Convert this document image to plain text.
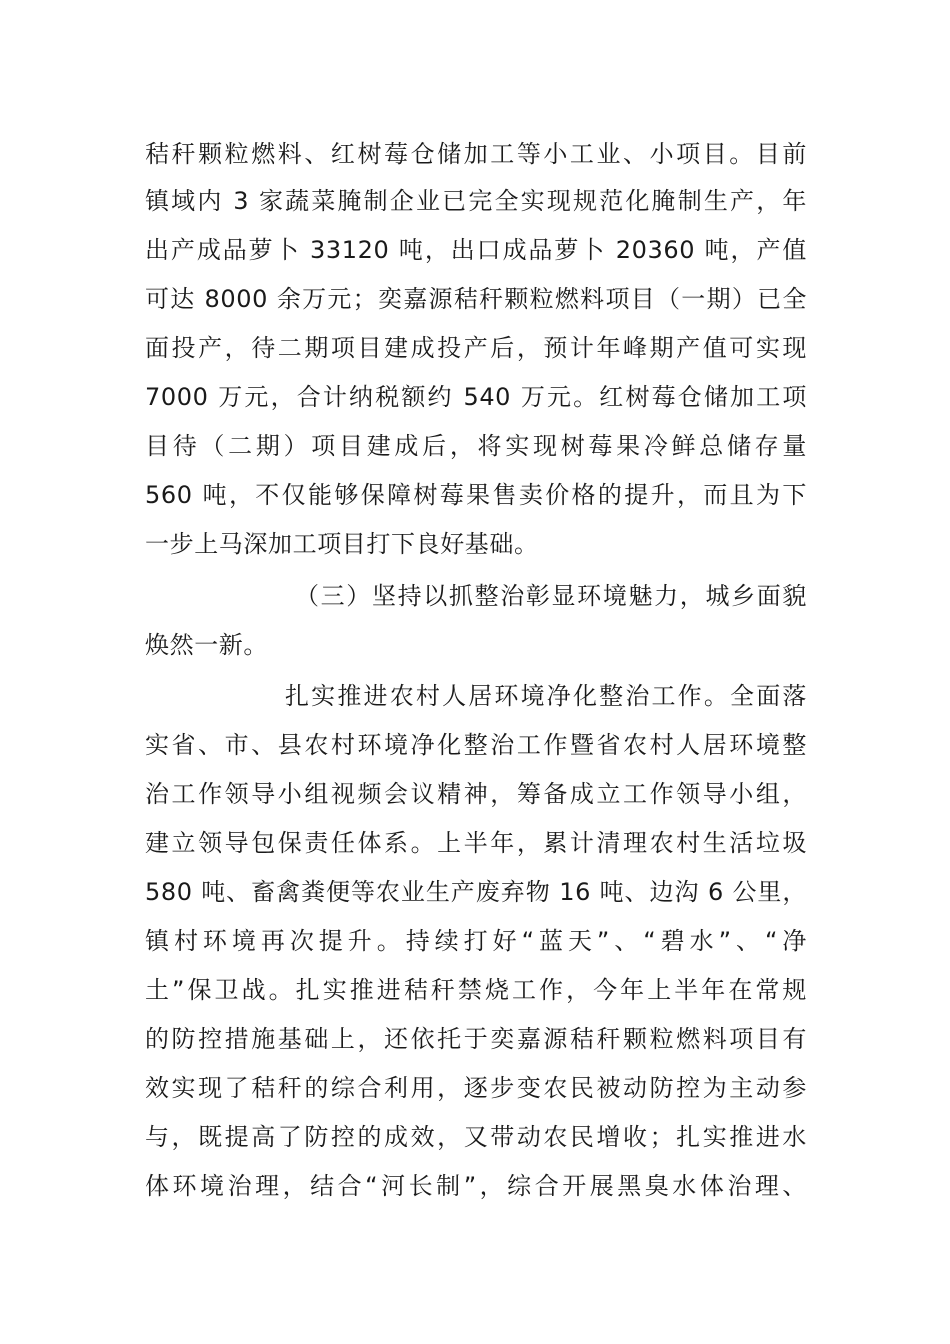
秸秆颗粒燃料、红树莓仓储加工等小工业、小项目。目前
镇域内 3 家蔬菜腌制企业已完全实现规范化腌制生产，年
出产成品萝卜 33120 吨，出口成品萝卜 20360 吨，产值
可达 8000 余万元；奕嘉源秸秆颗粒燃料项目（一期）已全
面投产，待二期项目建成投产后，预计年峰期产值可实现
7000 万元，合计纳税额约 540 万元。红树莓仓储加工项
目待（二期）项目建成后，将实现树莓果冷鲜总储存量
560 吨，不仅能够保障树莓果售卖价格的提升，而且为下
一步上马深加工项目打下良好基础。
（三）坚持以抓整治彰显环境魅力，城乡面貌
焕然一新。
扎实推进农村人居环境净化整治工作。全面落
实省、市、县农村环境净化整治工作暨省农村人居环境整
治工作领导小组视频会议精神，筹备成立工作领导小组，
建立领导包保责任体系。上半年，累计清理农村生活垃圾
580 吨、畜禽粪便等农业生产废弃物 16 吨、边沟 6 公里，
镇村环境再次提升。持续打好“蓝天”、“碧水”、“净
土”保卫战。扎实推进秸秆禁烧工作，今年上半年在常规
的防控措施基础上，还依托于奕嘉源秸秆颗粒燃料项目有
效实现了秸秆的综合利用，逐步变农民被动防控为主动参
与，既提高了防控的成效，又带动农民增收；扎实推进水
体环境治理，结合“河长制”，综合开展黑臭水体治理、
